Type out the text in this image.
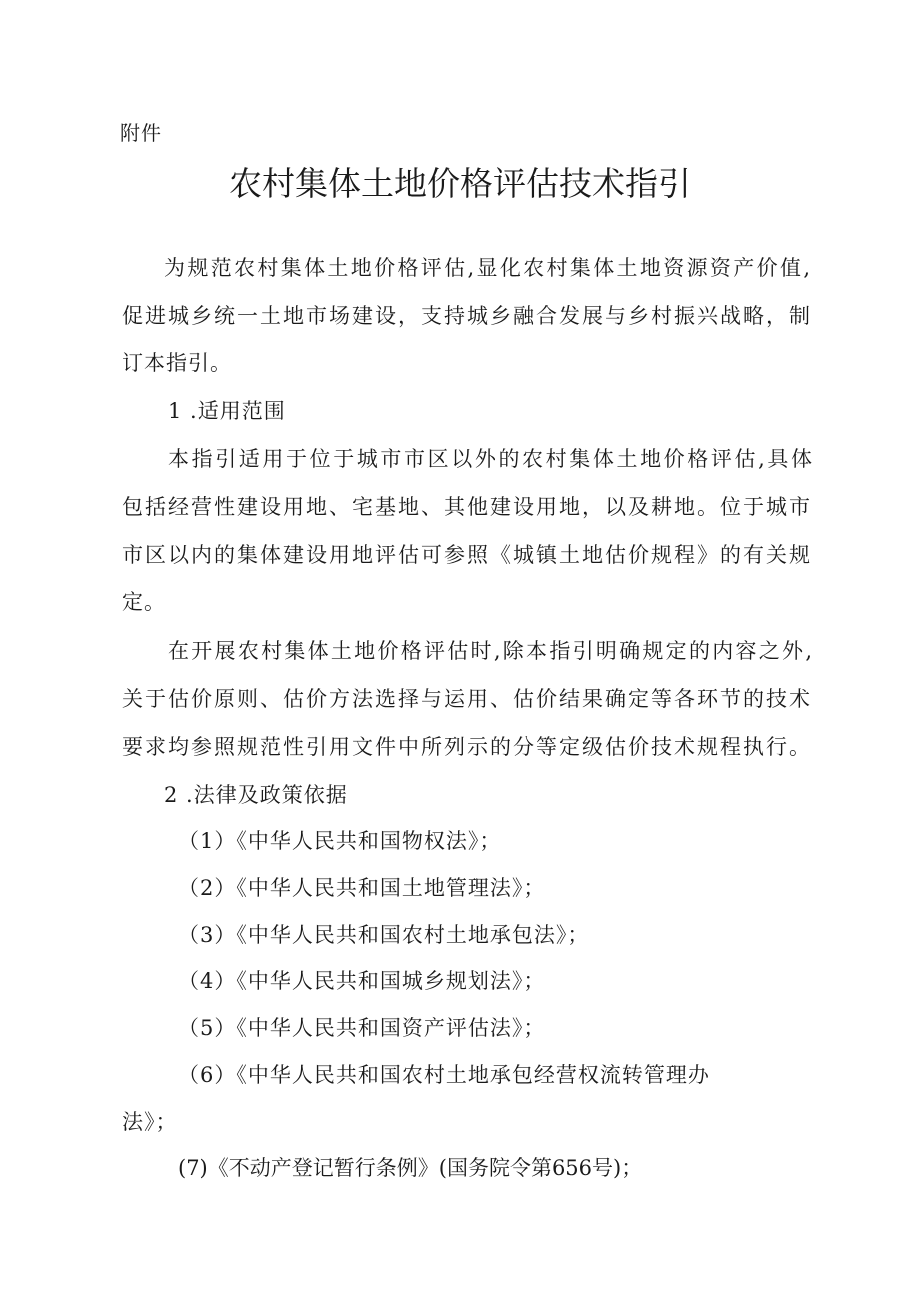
附件
农村集体土地价格评估技术指引
为规范农村集体土地价格评估,显化农村集体土地资源资产价值,
促进城乡统一土地市场建设，支持城乡融合发展与乡村振兴战略，制
订本指引。
1 .适用范围
本指引适用于位于城市市区以外的农村集体土地价格评估,具体
包括经营性建设用地、宅基地、其他建设用地，以及耕地。位于城市
市区以内的集体建设用地评估可参照《城镇土地估价规程》的有关规
定。
在开展农村集体土地价格评估时,除本指引明确规定的内容之外,
关于估价原则、估价方法选择与运用、估价结果确定等各环节的技术
要求均参照规范性引用文件中所列示的分等定级估价技术规程执行。
2 .法律及政策依据
（1）《中华人民共和国物权法》；
（2）《中华人民共和国土地管理法》；
（3）《中华人民共和国农村土地承包法》；
（4）《中华人民共和国城乡规划法》；
（5）《中华人民共和国资产评估法》；
（6）《中华人民共和国农村土地承包经营权流转管理办
法》；
(7)《不动产登记暂行条例》(国务院令第656号)；
